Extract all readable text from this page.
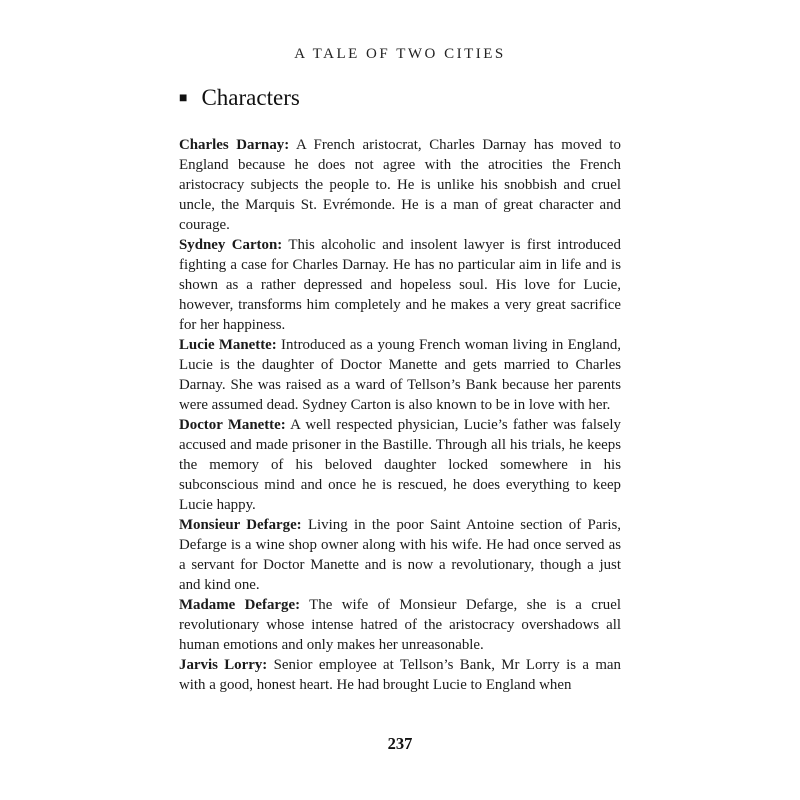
A TALE OF TWO CITIES
■ Characters

Charles Darnay: A French aristocrat, Charles Darnay has moved to England because he does not agree with the atrocities the French aristocracy subjects the people to. He is unlike his snobbish and cruel uncle, the Marquis St. Evrémonde. He is a man of great character and courage.

Sydney Carton: This alcoholic and insolent lawyer is first introduced fighting a case for Charles Darnay. He has no particular aim in life and is shown as a rather depressed and hopeless soul. His love for Lucie, however, transforms him completely and he makes a very great sacrifice for her happiness.

Lucie Manette: Introduced as a young French woman living in England, Lucie is the daughter of Doctor Manette and gets married to Charles Darnay. She was raised as a ward of Tellson’s Bank because her parents were assumed dead. Sydney Carton is also known to be in love with her.

Doctor Manette: A well respected physician, Lucie’s father was falsely accused and made prisoner in the Bastille. Through all his trials, he keeps the memory of his beloved daughter locked somewhere in his subconscious mind and once he is rescued, he does everything to keep Lucie happy.

Monsieur Defarge: Living in the poor Saint Antoine section of Paris, Defarge is a wine shop owner along with his wife. He had once served as a servant for Doctor Manette and is now a revolutionary, though a just and kind one.

Madame Defarge: The wife of Monsieur Defarge, she is a cruel revolutionary whose intense hatred of the aristocracy overshadows all human emotions and only makes her unreasonable.

Jarvis Lorry: Senior employee at Tellson’s Bank, Mr Lorry is a man with a good, honest heart. He had brought Lucie to England when

237
